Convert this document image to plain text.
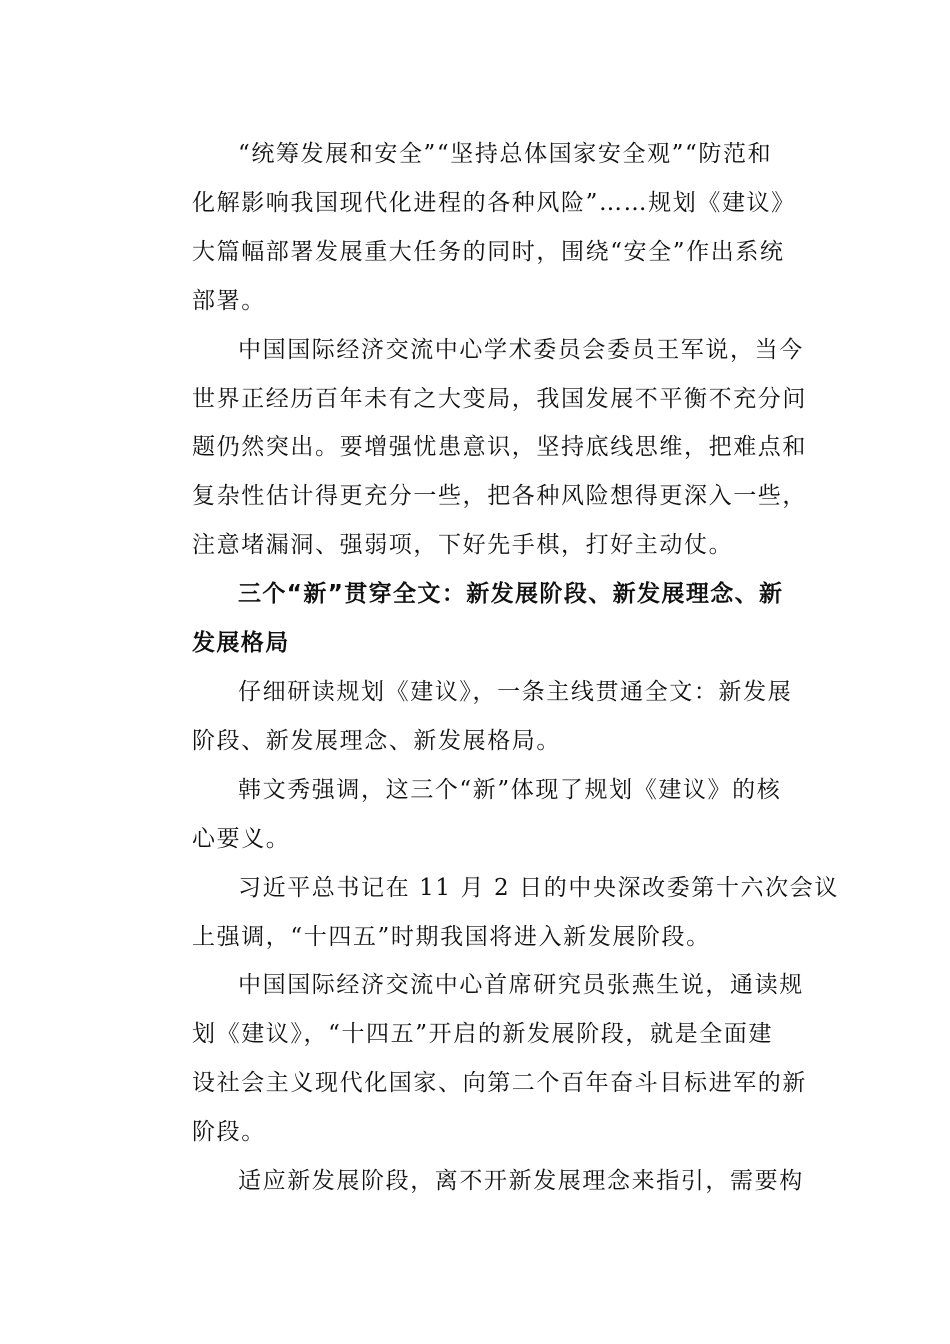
“统筹发展和安全”“坚持总体国家安全观”“防范和
化解影响我国现代化进程的各种风险”……规划《建议》
大篇幅部署发展重大任务的同时，围绕“安全”作出系统
部署。
中国国际经济交流中心学术委员会委员王军说，当今
世界正经历百年未有之大变局，我国发展不平衡不充分问
题仍然突出。要增强忧患意识，坚持底线思维，把难点和
复杂性估计得更充分一些，把各种风险想得更深入一些，
注意堵漏洞、强弱项，下好先手棋，打好主动仗。
三个“新”贯穿全文：新发展阶段、新发展理念、新
发展格局
仔细研读规划《建议》，一条主线贯通全文：新发展
阶段、新发展理念、新发展格局。
韩文秀强调，这三个“新”体现了规划《建议》的核
心要义。
习近平总书记在 11 月 2 日的中央深改委第十六次会议
上强调，“十四五”时期我国将进入新发展阶段。
中国国际经济交流中心首席研究员张燕生说，通读规
划《建议》，“十四五”开启的新发展阶段，就是全面建
设社会主义现代化国家、向第二个百年奋斗目标进军的新
阶段。
适应新发展阶段，离不开新发展理念来指引，需要构
